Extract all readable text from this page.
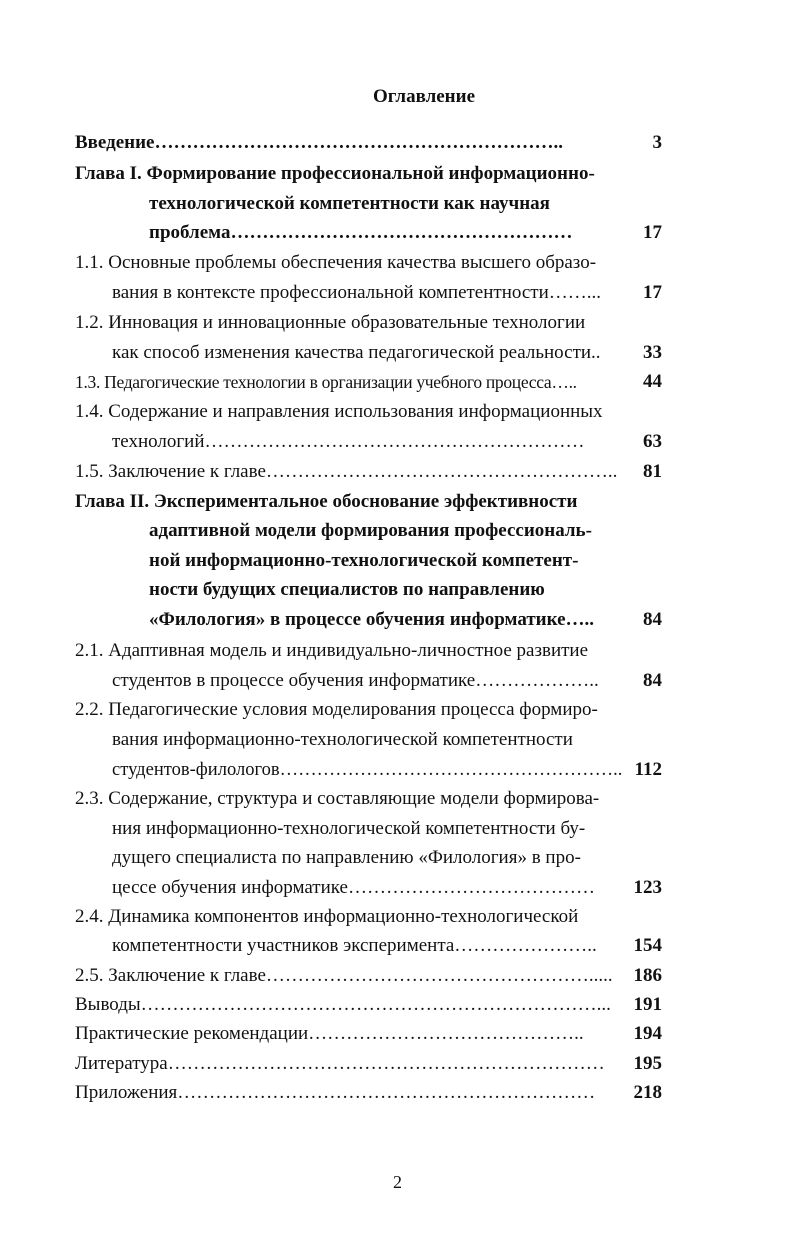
Оглавление
Введение………………………………………………………..	3
Глава I. Формирование профессиональной информационно-
технологической компетентности как научная
проблема………………………………………………	17
1.1. Основные проблемы обеспечения качества высшего образо-
вания в контексте профессиональной компетентности……...	17
1.2. Инновация и инновационные образовательные технологии
как способ изменения качества педагогической реальности..	33
1.3. Педагогические технологии в организации учебного процесса…..	44
1.4. Содержание и направления использования информационных
технологий……………………………………………………	63
1.5. Заключение к главе………………………………………………..	81
Глава II. Экспериментальное обоснование эффективности
адаптивной модели формирования профессиональ-
ной информационно-технологической компетент-
ности будущих специалистов по направлению
«Филология» в процессе обучения информатике…..	84
2.1. Адаптивная модель и индивидуально-личностное развитие
студентов в процессе обучения информатике………………..	84
2.2. Педагогические условия моделирования процесса формиро-
вания информационно-технологической компетентности
студентов-филологов……………………………………………….. 112
2.3. Содержание, структура и составляющие модели формирова-
ния информационно-технологической компетентности бу-
дущего специалиста по направлению «Филология» в про-
цессе обучения информатике…………………………………	123
2.4. Динамика компонентов информационно-технологической
компетентности участников эксперимента…………………..	154
2.5. Заключение к главе…………………………………………….....	186
Выводы………………………………………………………………...	191
Практические рекомендации……………………………………..	194
Литература……………………………………………………………	195
Приложения…………………………………………………………	218
2
